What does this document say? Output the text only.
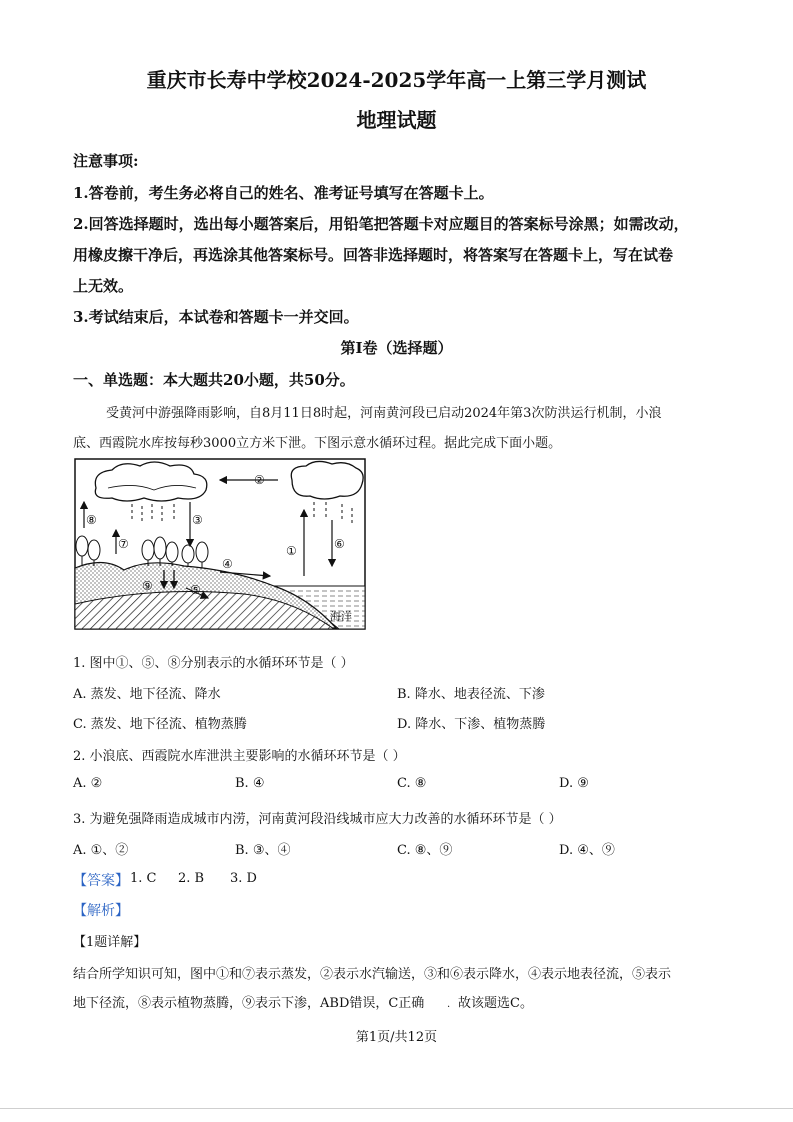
重庆市长寿中学校2024-2025学年高一上第三学月测试
地理试题
注意事项:
1.答卷前，考生务必将自己的姓名、准考证号填写在答题卡上。
2.回答选择题时，选出每小题答案后，用铅笔把答题卡对应题目的答案标号涂黑；如需改动，
用橡皮擦干净后，再选涂其他答案标号。回答非选择题时，将答案写在答题卡上，写在试卷
上无效。
3.考试结束后，本试卷和答题卡一并交回。
第I卷（选择题）
一、单选题：本大题共20小题，共50分。
受黄河中游强降雨影响，自8月11日8时起，河南黄河段已启动2024年第3次防洪运行机制，小浪
底、西霞院水库按每秒3000立方米下泄。下图示意水循环过程。据此完成下面小题。
①
②
③
④
⑤
⑥
⑦
⑧
⑨
海洋
1. 图中①、⑤、⑧分别表示的水循环环节是（ ）
A. 蒸发、地下径流、降水	B. 降水、地表径流、下渗
C. 蒸发、地下径流、植物蒸腾	D. 降水、下渗、植物蒸腾
2. 小浪底、西霞院水库泄洪主要影响的水循环环节是（ ）
A. ②	B. ④	C. ⑧	D. ⑨
3. 为避免强降雨造成城市内涝，河南黄河段沿线城市应大力改善的水循环环节是（ ）
A. ①、②	B. ③、④	C. ⑧、⑨	D. ④、⑨
【答案】 1. C 2. B 3. D
【解析】
【1题详解】
结合所学知识可知，图中①和⑦表示蒸发，②表示水汽输送，③和⑥表示降水，④表示地表径流，⑤表示
地下径流，⑧表示植物蒸腾，⑨表示下渗，ABD错误，C正确 . 故该题选C。
第1页/共12页
